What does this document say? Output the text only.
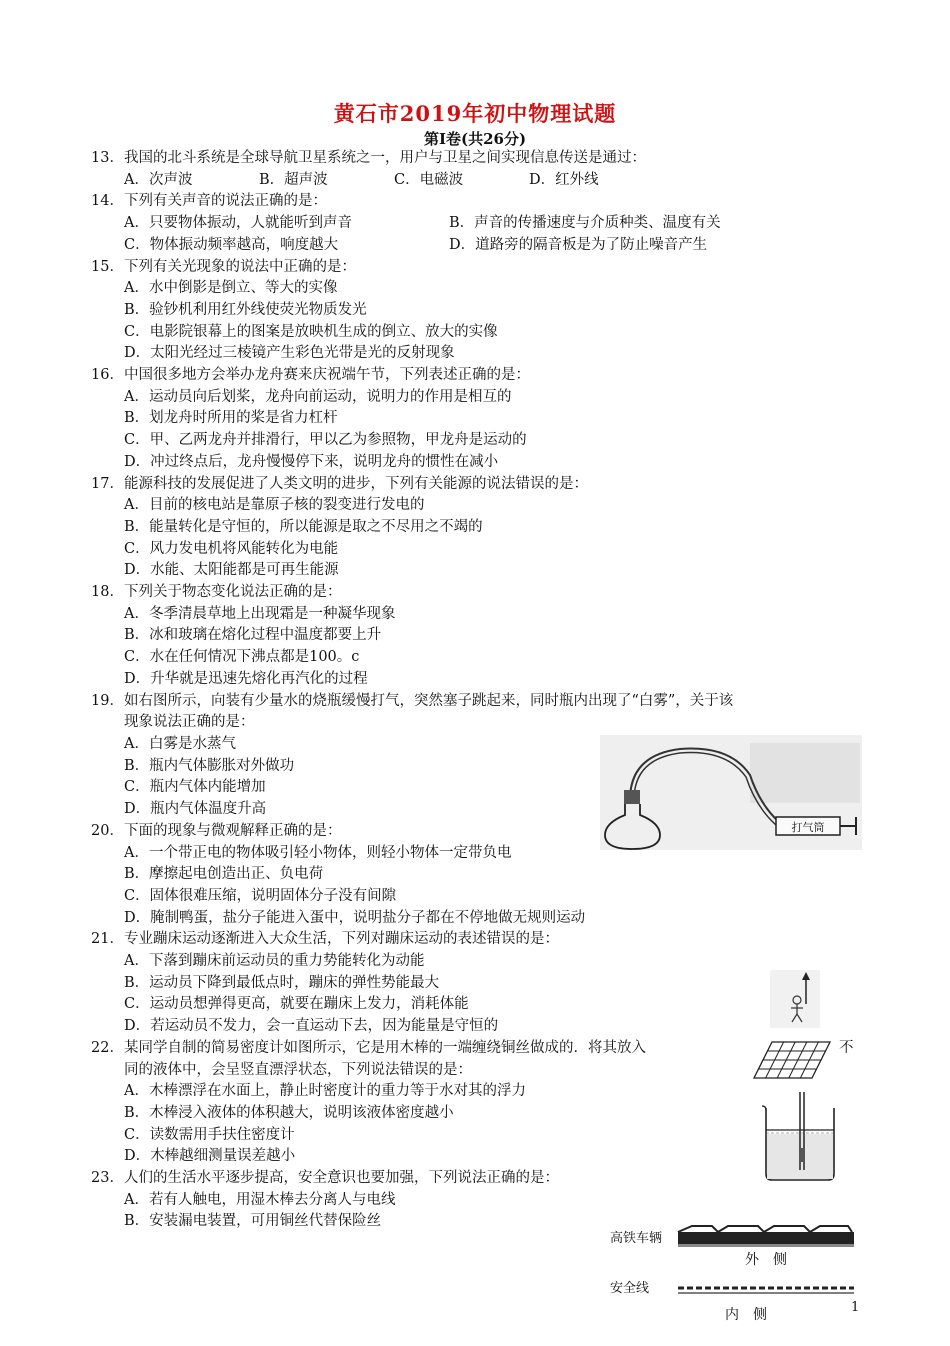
黄石市2019年初中物理试题
第Ⅰ卷(共26分)
13．我国的北斗系统是全球导航卫星系统之一，用户与卫星之间实现信息传送是通过：
A．次声波	B．超声波	C．电磁波	D．红外线
14．下列有关声音的说法正确的是：
A．只要物体振动，人就能听到声音	B．声音的传播速度与介质种类、温度有关
C．物体振动频率越高，响度越大	D．道路旁的隔音板是为了防止噪音产生
15．下列有关光现象的说法中正确的是：
A．水中倒影是倒立、等大的实像
B．验钞机利用红外线使荧光物质发光
C．电影院银幕上的图案是放映机生成的倒立、放大的实像
D．太阳光经过三棱镜产生彩色光带是光的反射现象
16．中国很多地方会举办龙舟赛来庆祝端午节，下列表述正确的是：
A．运动员向后划桨，龙舟向前运动，说明力的作用是相互的
B．划龙舟时所用的桨是省力杠杆
C．甲、乙两龙舟并排滑行，甲以乙为参照物，甲龙舟是运动的
D．冲过终点后，龙舟慢慢停下来，说明龙舟的惯性在减小
17．能源科技的发展促进了人类文明的进步，下列有关能源的说法错误的是：
A．目前的核电站是靠原子核的裂变进行发电的
B．能量转化是守恒的，所以能源是取之不尽用之不竭的
C．风力发电机将风能转化为电能
D．水能、太阳能都是可再生能源
18．下列关于物态变化说法正确的是：
A．冬季清晨草地上出现霜是一种凝华现象
B．冰和玻璃在熔化过程中温度都要上升
C．水在任何情况下沸点都是100。c
D．升华就是迅速先熔化再汽化的过程
19．如右图所示，向装有少量水的烧瓶缓慢打气，突然塞子跳起来，同时瓶内出现了“白雾”，关于该
现象说法正确的是：
A．白雾是水蒸气
B．瓶内气体膨胀对外做功
C．瓶内气体内能增加
D．瓶内气体温度升高
20．下面的现象与微观解释正确的是：
A．一个带正电的物体吸引轻小物体，则轻小物体一定带负电
B．摩擦起电创造出正、负电荷
C．固体很难压缩，说明固体分子没有间隙
D．腌制鸭蛋，盐分子能进入蛋中，说明盐分子都在不停地做无规则运动
21．专业蹦床运动逐渐进入大众生活，下列对蹦床运动的表述错误的是：
A．下落到蹦床前运动员的重力势能转化为动能
B．运动员下降到最低点时，蹦床的弹性势能最大
C．运动员想弹得更高，就要在蹦床上发力，消耗体能
D．若运动员不发力，会一直运动下去，因为能量是守恒的
22．某同学自制的简易密度计如图所示，它是用木棒的一端缠绕铜丝做成的．将其放入	不
同的液体中，会呈竖直漂浮状态，下列说法错误的是：
A．木棒漂浮在水面上，静止时密度计的重力等于水对其的浮力
B．木棒浸入液体的体积越大，说明该液体密度越小
C．读数需用手扶住密度计
D．木棒越细测量误差越小
23．人们的生活水平逐步提高，安全意识也要加强，下列说法正确的是：
A．若有人触电，用湿木棒去分离人与电线
B．安装漏电装置，可用铜丝代替保险丝
打气筒
高铁车辆
外　侧
安全线
内　侧	1
